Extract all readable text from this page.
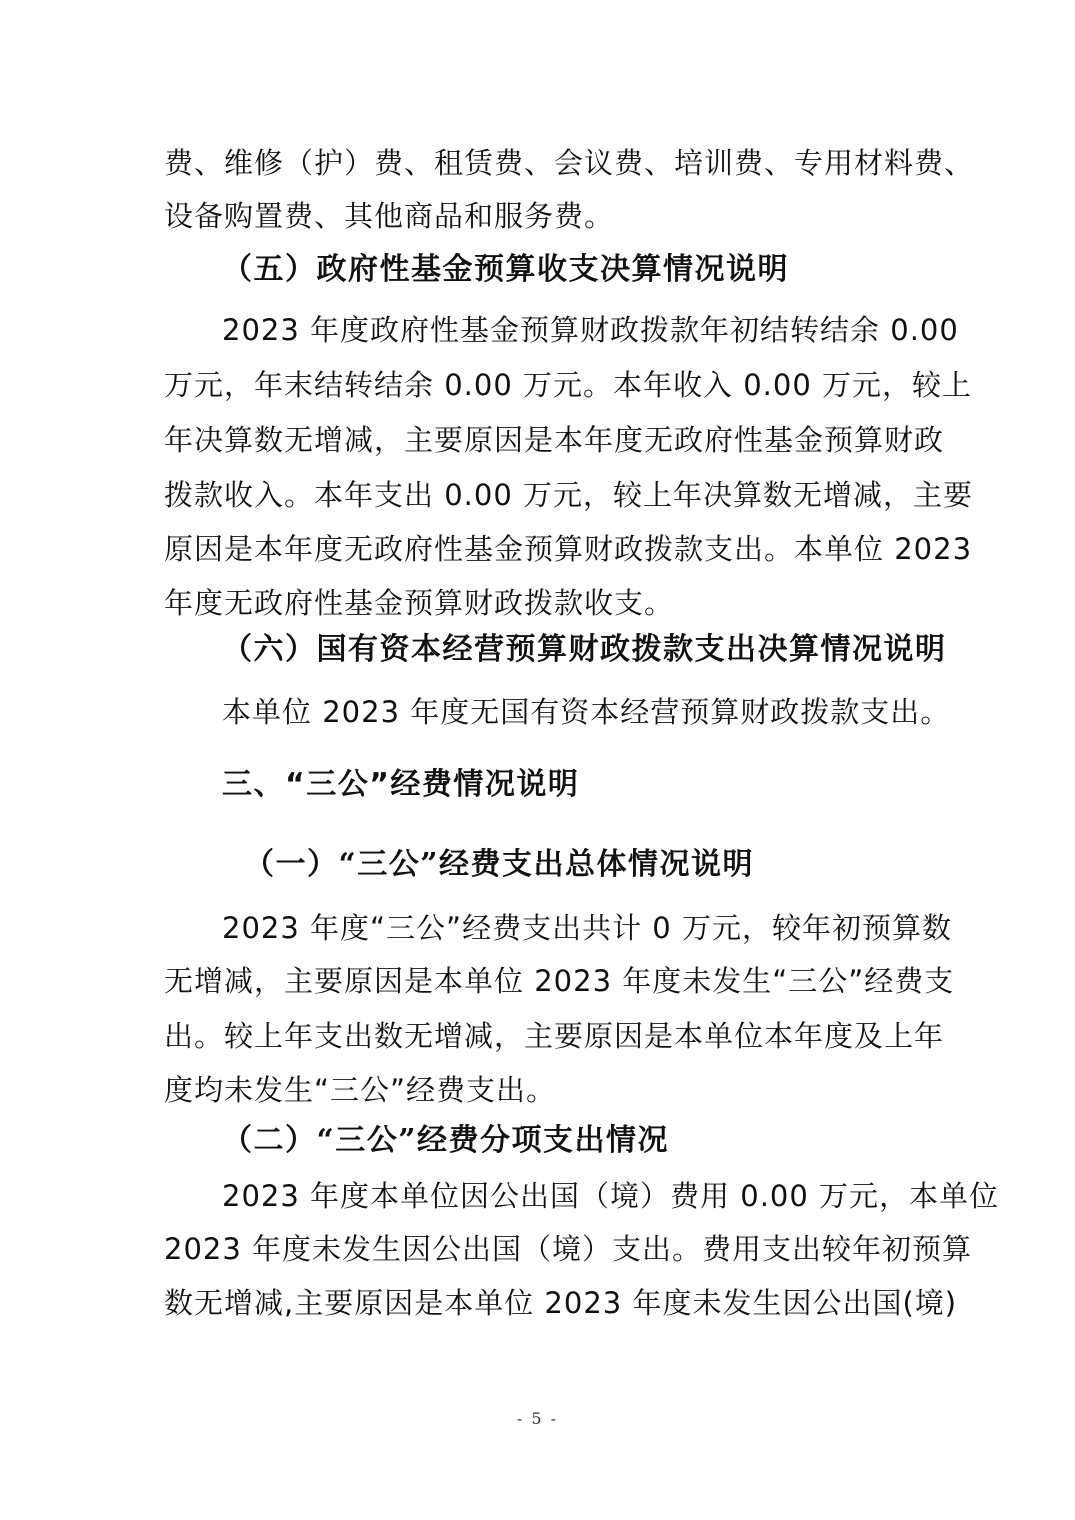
费、维修（护）费、租赁费、会议费、培训费、专用材料费、
设备购置费、其他商品和服务费。
（五）政府性基金预算收支决算情况说明
2023 年度政府性基金预算财政拨款年初结转结余 0.00
万元，年末结转结余 0.00 万元。本年收入 0.00 万元，较上
年决算数无增减，主要原因是本年度无政府性基金预算财政
拨款收入。本年支出 0.00 万元，较上年决算数无增减，主要
原因是本年度无政府性基金预算财政拨款支出。本单位 2023
年度无政府性基金预算财政拨款收支。
（六）国有资本经营预算财政拨款支出决算情况说明
本单位 2023 年度无国有资本经营预算财政拨款支出。
三、“三公”经费情况说明
（一）“三公”经费支出总体情况说明
2023 年度“三公”经费支出共计 0 万元，较年初预算数
无增减，主要原因是本单位 2023 年度未发生“三公”经费支
出。较上年支出数无增减，主要原因是本单位本年度及上年
度均未发生“三公”经费支出。
（二）“三公”经费分项支出情况
2023 年度本单位因公出国（境）费用 0.00 万元，本单位
2023 年度未发生因公出国（境）支出。费用支出较年初预算
数无增减,主要原因是本单位 2023 年度未发生因公出国(境)
- 5 -
